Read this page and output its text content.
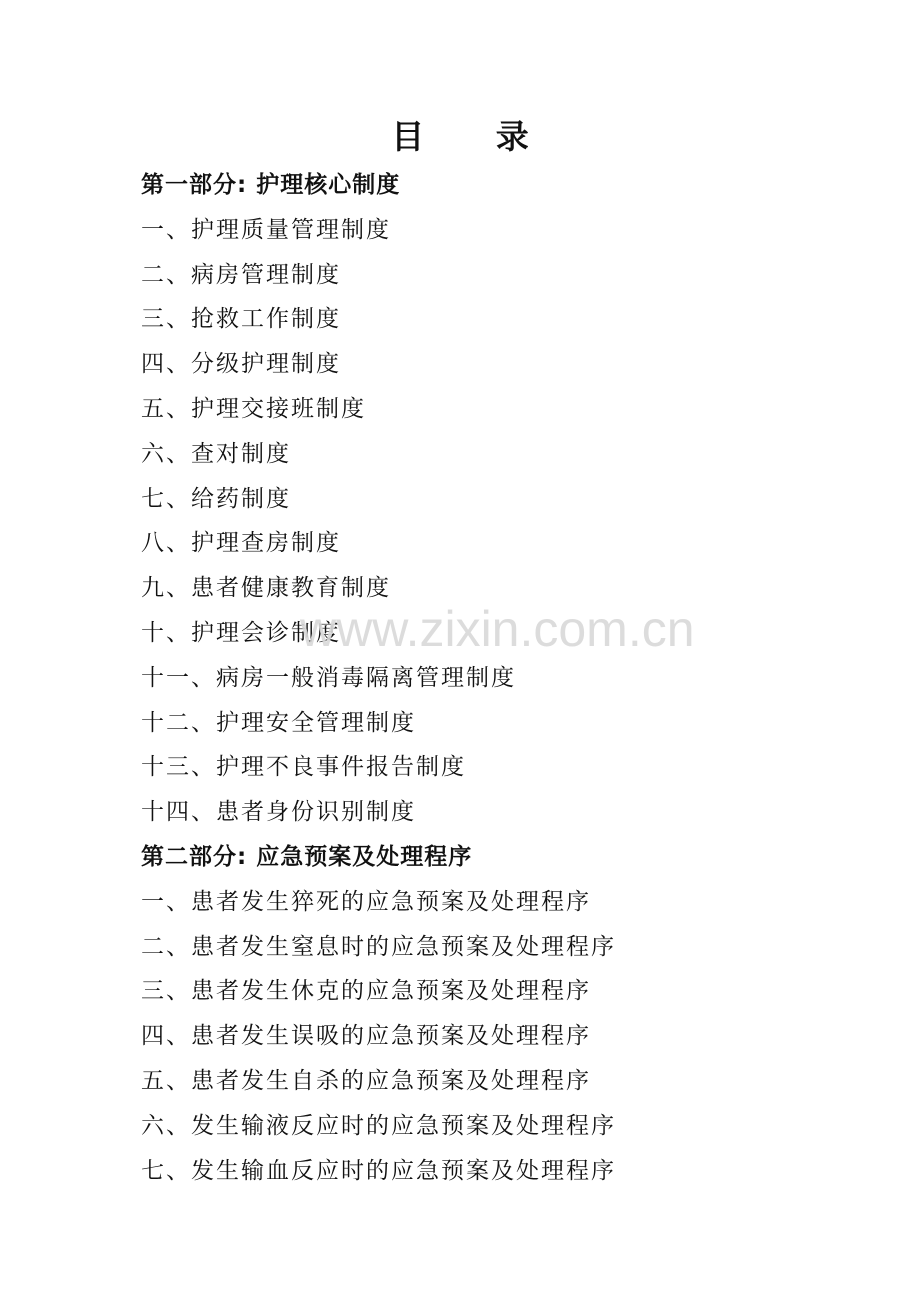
目 录
第一部分: 护理核心制度
一、护理质量管理制度
二、病房管理制度
三、抢救工作制度
四、分级护理制度
五、护理交接班制度
六、查对制度
七、给药制度
八、护理查房制度
九、患者健康教育制度
十、护理会诊制度
十一、病房一般消毒隔离管理制度
十二、护理安全管理制度
十三、护理不良事件报告制度
十四、患者身份识别制度
第二部分: 应急预案及处理程序
一、患者发生猝死的应急预案及处理程序
二、患者发生窒息时的应急预案及处理程序
三、患者发生休克的应急预案及处理程序
四、患者发生误吸的应急预案及处理程序
五、患者发生自杀的应急预案及处理程序
六、发生输液反应时的应急预案及处理程序
七、发生输血反应时的应急预案及处理程序
www.zixin.com.cn
